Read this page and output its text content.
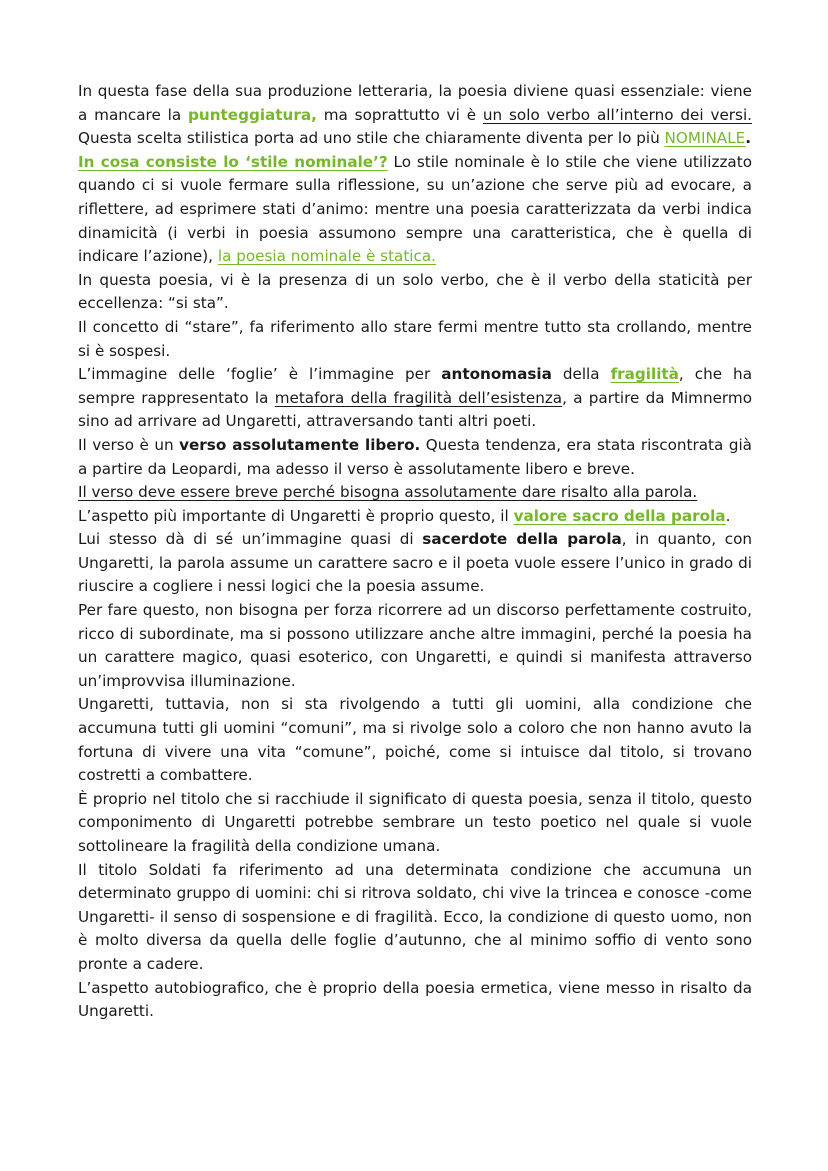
In questa fase della sua produzione letteraria, la poesia diviene quasi essenziale: viene a mancare la punteggiatura, ma soprattutto vi è un solo verbo all’interno dei versi. Questa scelta stilistica porta ad uno stile che chiaramente diventa per lo più NOMINALE.

In cosa consiste lo ‘stile nominale’? Lo stile nominale è lo stile che viene utilizzato quando ci si vuole fermare sulla riflessione, su un’azione che serve più ad evocare, a riflettere, ad esprimere stati d’animo: mentre una poesia caratterizzata da verbi indica dinamicità (i verbi in poesia assumono sempre una caratteristica, che è quella di indicare l’azione), la poesia nominale è statica.

In questa poesia, vi è la presenza di un solo verbo, che è il verbo della staticità per eccellenza: “si sta”.

Il concetto di “stare”, fa riferimento allo stare fermi mentre tutto sta crollando, mentre si è sospesi.

L’immagine delle ‘foglie’ è l’immagine per antonomasia della fragilità, che ha sempre rappresentato la metafora della fragilità dell’esistenza, a partire da Mimnermo sino ad arrivare ad Ungaretti, attraversando tanti altri poeti.

Il verso è un verso assolutamente libero. Questa tendenza, era stata riscontrata già a partire da Leopardi, ma adesso il verso è assolutamente libero e breve.

Il verso deve essere breve perché bisogna assolutamente dare risalto alla parola.

L’aspetto più importante di Ungaretti è proprio questo, il valore sacro della parola.

Lui stesso dà di sé un’immagine quasi di sacerdote della parola, in quanto, con Ungaretti, la parola assume un carattere sacro e il poeta vuole essere l’unico in grado di riuscire a cogliere i nessi logici che la poesia assume.

Per fare questo, non bisogna per forza ricorrere ad un discorso perfettamente costruito, ricco di subordinate, ma si possono utilizzare anche altre immagini, perché la poesia ha un carattere magico, quasi esoterico, con Ungaretti, e quindi si manifesta attraverso un’improvvisa illuminazione.

Ungaretti, tuttavia, non si sta rivolgendo a tutti gli uomini, alla condizione che accumuna tutti gli uomini “comuni”, ma si rivolge solo a coloro che non hanno avuto la fortuna di vivere una vita “comune”, poiché, come si intuisce dal titolo, si trovano costretti a combattere.

È proprio nel titolo che si racchiude il significato di questa poesia, senza il titolo, questo componimento di Ungaretti potrebbe sembrare un testo poetico nel quale si vuole sottolineare la fragilità della condizione umana.

Il titolo Soldati fa riferimento ad una determinata condizione che accumuna un determinato gruppo di uomini: chi si ritrova soldato, chi vive la trincea e conosce -come Ungaretti- il senso di sospensione e di fragilità. Ecco, la condizione di questo uomo, non è molto diversa da quella delle foglie d’autunno, che al minimo soffio di vento sono pronte a cadere.

L’aspetto autobiografico, che è proprio della poesia ermetica, viene messo in risalto da Ungaretti.
